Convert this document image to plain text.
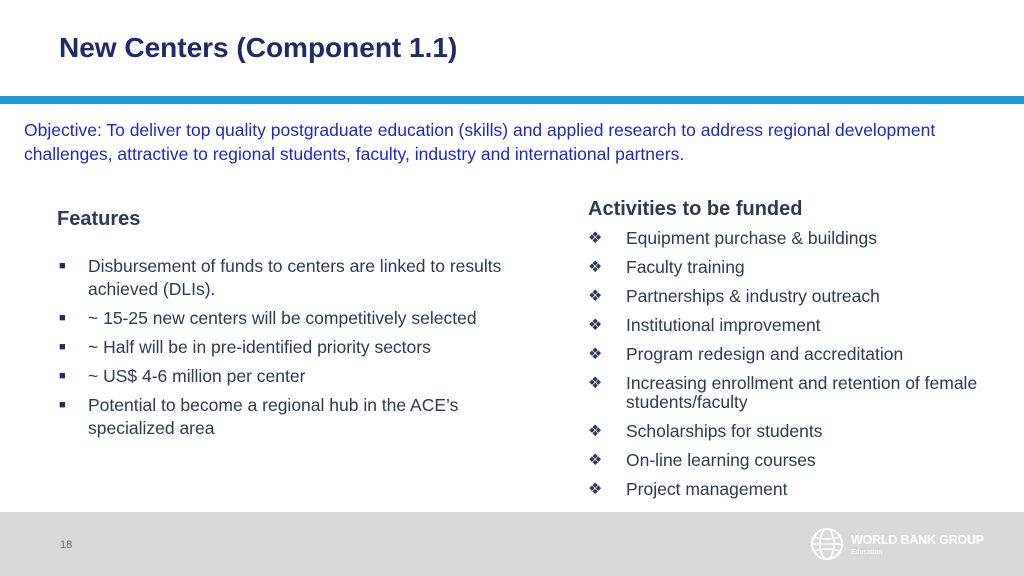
New Centers (Component 1.1)
Objective: To deliver top quality postgraduate education (skills) and applied research to address regional development challenges, attractive to regional students, faculty, industry and international partners.
Features
■ Disbursement of funds to centers are linked to results achieved (DLIs).
■ ~ 15-25 new centers will be competitively selected
■ ~ Half will be in pre-identified priority sectors
■ ~ US$ 4-6 million per center
■ Potential to become a regional hub in the ACE’s specialized area
Activities to be funded
❖ Equipment purchase & buildings
❖ Faculty training
❖ Partnerships & industry outreach
❖ Institutional improvement
❖ Program redesign and accreditation
❖ Increasing enrollment and retention of female students/faculty
❖ Scholarships for students
❖ On-line learning courses
❖ Project management
18	WORLD BANK GROUP
Education
